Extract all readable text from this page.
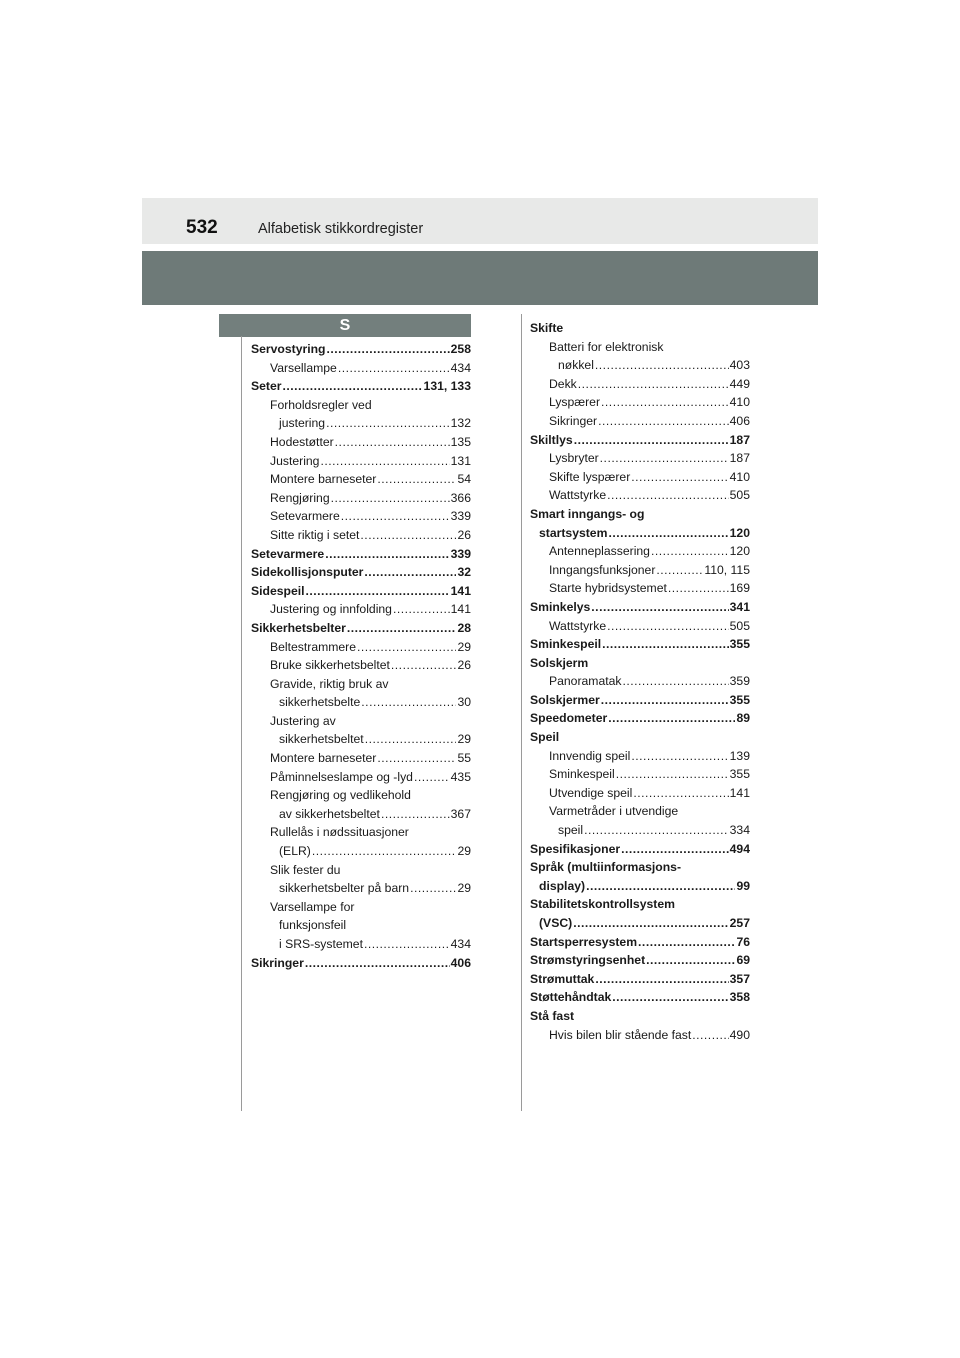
532	Alfabetisk stikkordregister
S
Servostyring .....	258
Varsellampe .....	434
Seter .....	131, 133
Forholdsregler ved
justering .....	132
Hodestøtter .....	135
Justering .....	131
Montere barneseter .....	54
Rengjøring .....	366
Setevarmere .....	339
Sitte riktig i setet .....	26
Setevarmere .....	339
Sidekollisjonsputer .....	32
Sidespeil .....	141
Justering og innfolding .....	141
Sikkerhetsbelter .....	28
Beltestrammere .....	29
Bruke sikkerhetsbeltet .....	26
Gravide, riktig bruk av
sikkerhetsbelte .....	30
Justering av
sikkerhetsbeltet .....	29
Montere barneseter .....	55
Påminnelseslampe og -lyd .....	435
Rengjøring og vedlikehold
av sikkerhetsbeltet .....	367
Rullelås i nødssituasjoner
(ELR) .....	29
Slik fester du
sikkerhetsbelter på barn .....	29
Varsellampe for
funksjonsfeil
i SRS-systemet .....	434
Sikringer .....	406
Skifte
Batteri for elektronisk
nøkkel .....	403
Dekk .....	449
Lyspærer .....	410
Sikringer .....	406
Skiltlys .....	187
Lysbryter .....	187
Skifte lyspærer .....	410
Wattstyrke .....	505
Smart inngangs- og
startsystem .....	120
Antenneplassering .....	120
Inngangsfunksjoner .....	110, 115
Starte hybridsystemet .....	169
Sminkelys .....	341
Wattstyrke .....	505
Sminkespeil .....	355
Solskjerm
Panoramatak .....	359
Solskjermer .....	355
Speedometer .....	89
Speil
Innvendig speil .....	139
Sminkespeil .....	355
Utvendige speil .....	141
Varmetråder i utvendige
speil .....	334
Spesifikasjoner .....	494
Språk (multiinformasjons-
display) .....	99
Stabilitetskontrollsystem
(VSC) .....	257
Startsperresystem .....	76
Strømstyringsenhet .....	69
Strømuttak .....	357
Støttehåndtak .....	358
Stå fast
Hvis bilen blir stående fast .....	490
